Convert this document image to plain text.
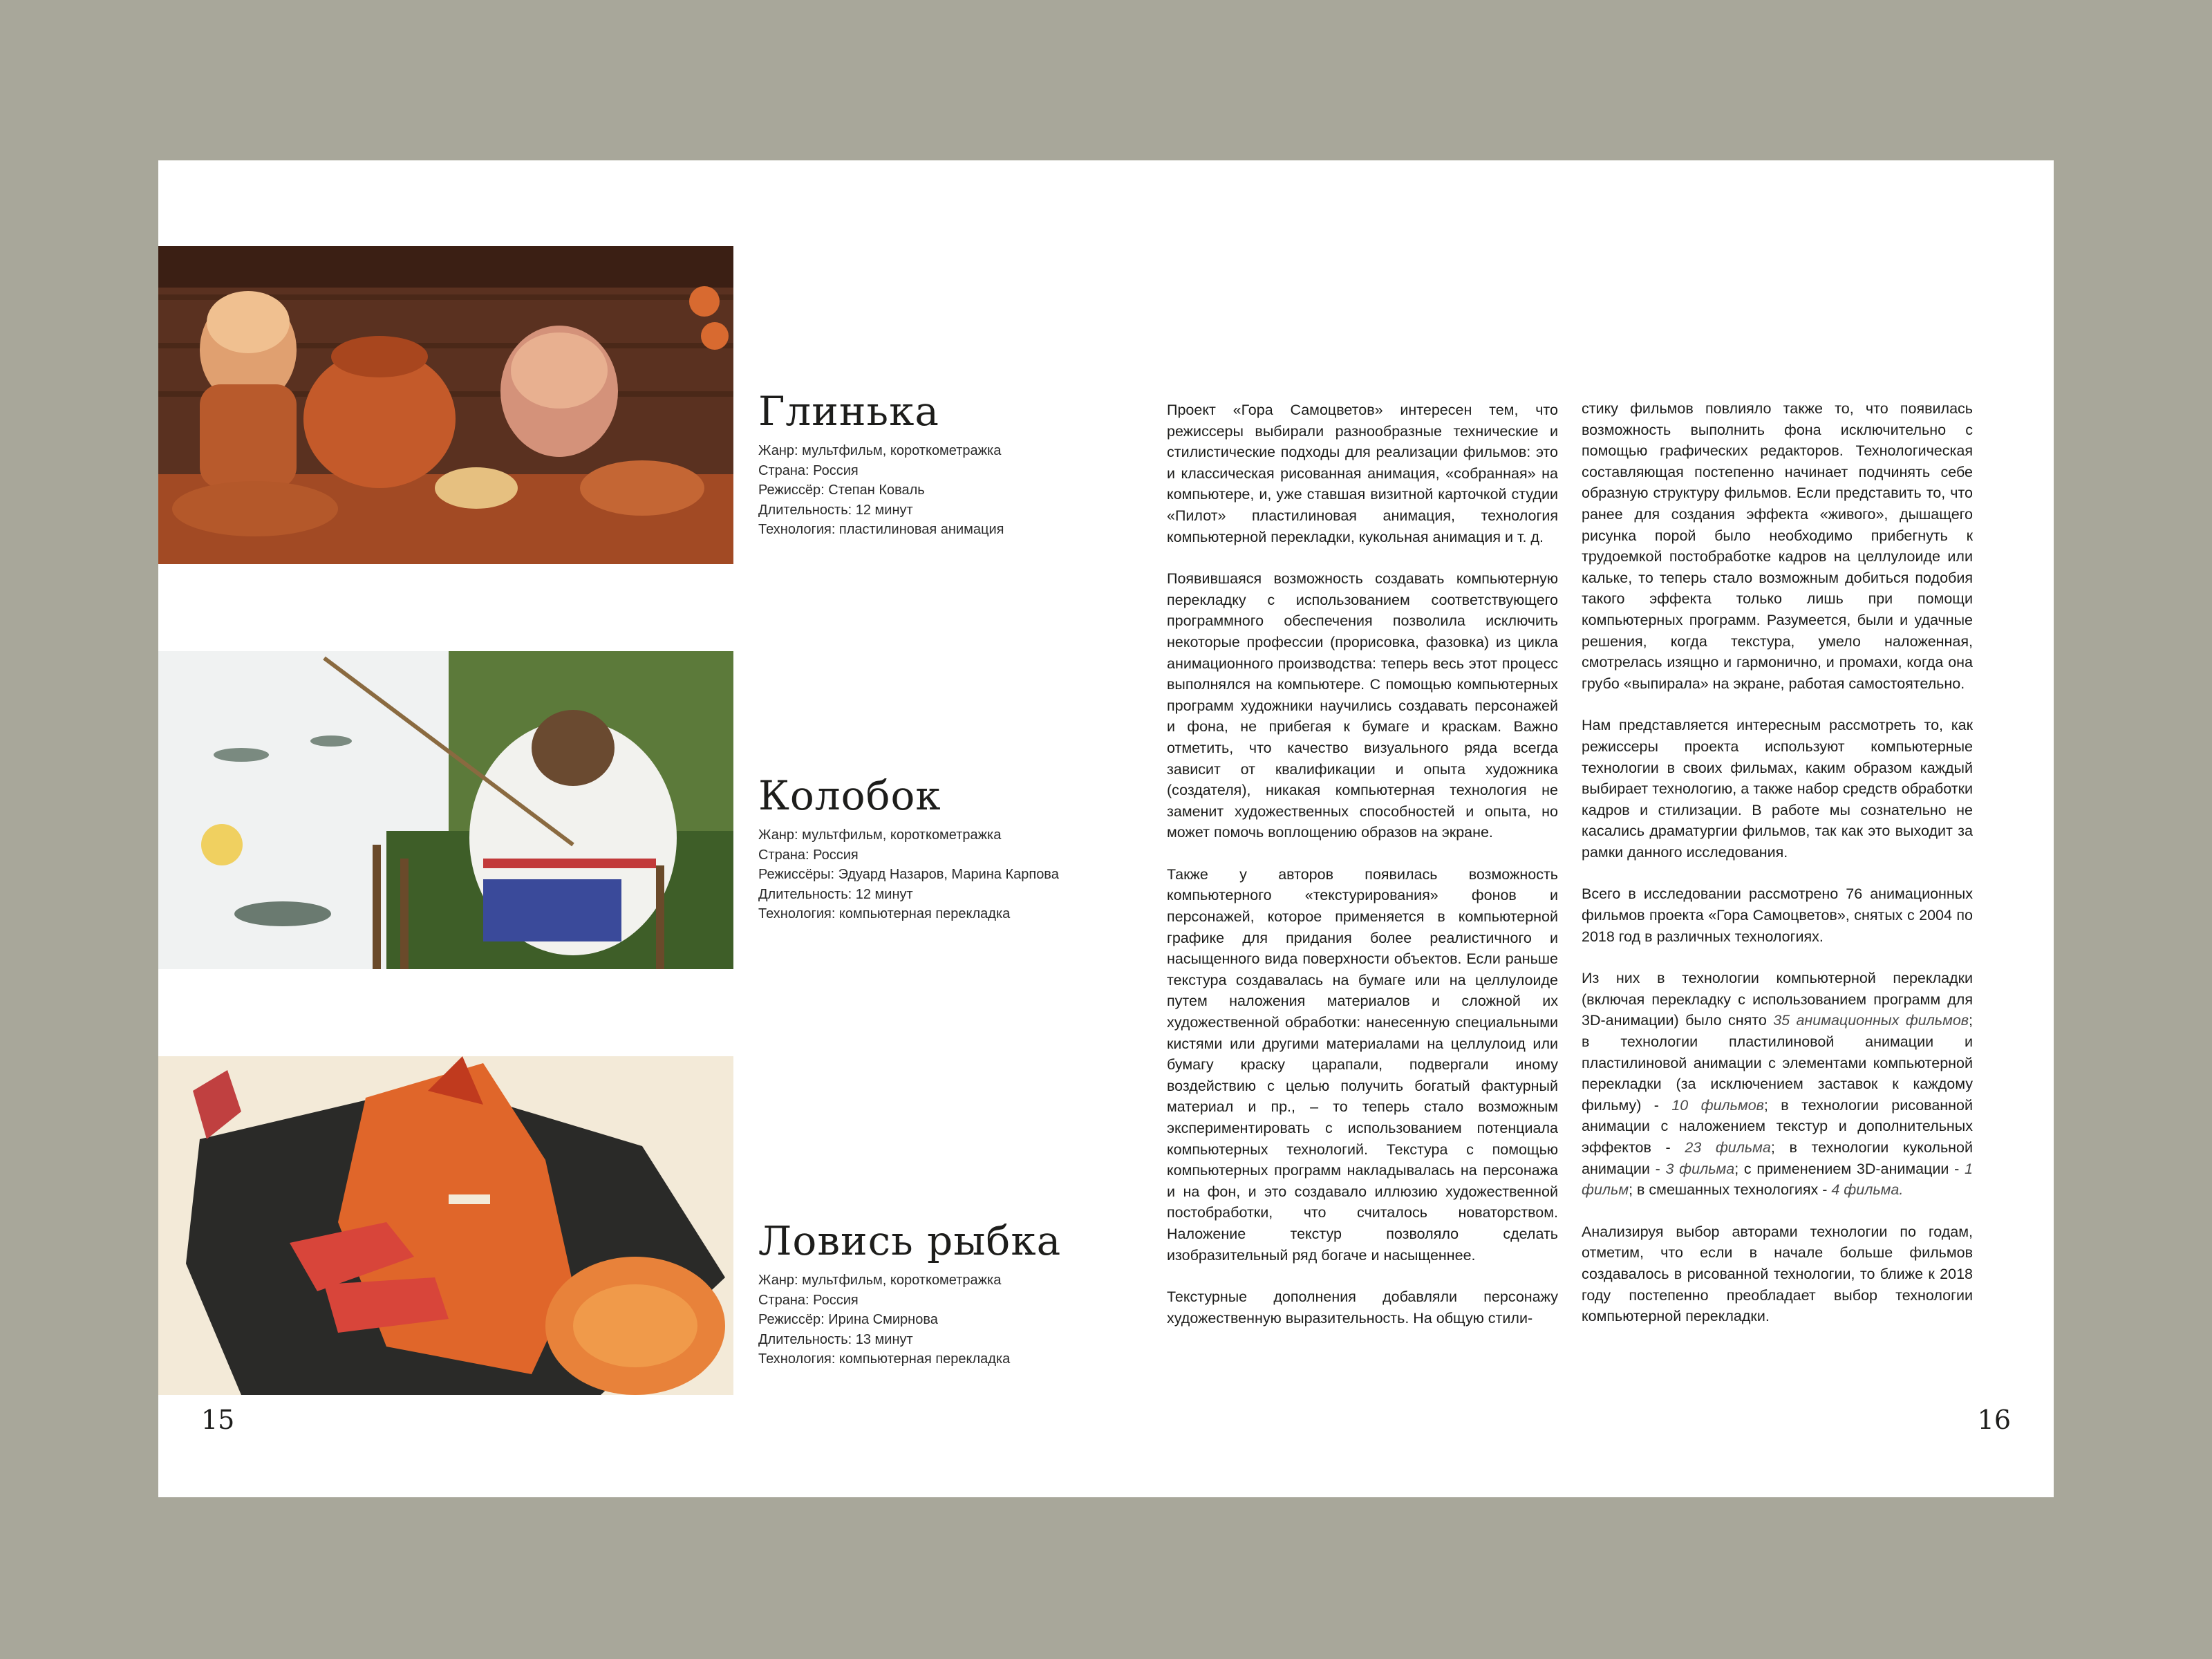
Глинька
Жанр: мультфильм, короткометражка
Страна: Россия
Режиссёр: Степан Коваль
Длительность: 12 минут
Технология: пластилиновая анимация
Колобок
Жанр: мультфильм, короткометражка
Страна: Россия
Режиссёры: Эдуард Назаров, Марина Карпова
Длительность: 12 минут
Технология: компьютерная перекладка
Ловись рыбка
Жанр: мультфильм, короткометражка
Страна: Россия
Режиссёр: Ирина Смирнова
Длительность: 13 минут
Технология: компьютерная перекладка
15	16

Проект «Гора Самоцветов» интересен тем, что режиссеры выбирали разнообразные технические и стилистические подходы для реализации фильмов: это и классическая рисованная анимация, «собранная» на компьютере, и, уже ставшая визитной карточкой студии «Пилот» пластилиновая анимация, технология компьютерной перекладки, кукольная анимация и т. д.

Появившаяся возможность создавать компьютерную перекладку с использованием соответствующего программного обеспечения позволила исключить некоторые профессии (прорисовка, фазовка) из цикла анимационного производства: теперь весь этот процесс выполнялся на компьютере. С помощью компьютерных программ художники научились создавать персонажей и фона, не прибегая к бумаге и краскам. Важно отметить, что качество визуального ряда всегда зависит от квалификации и опыта художника (создателя), никакая компьютерная технология не заменит художественных способностей и опыта, но может помочь воплощению образов на экране.

Также у авторов появилась возможность компьютерного «текстурирования» фонов и персонажей, которое применяется в компьютерной графике для придания более реалистичного и насыщенного вида поверхности объектов. Если раньше текстура создавалась на бумаге или на целлулоиде путем наложения материалов и сложной их художественной обработки: нанесенную специальными кистями или другими материалами на целлулоид или бумагу краску царапали, подвергали иному воздействию с целью получить богатый фактурный материал и пр., – то теперь стало возможным экспериментировать с использованием потенциала компьютерных технологий. Текстура с помощью компьютерных программ накладывалась на персонажа и на фон, и это создавало иллюзию художественной постобработки, что считалось новаторством. Наложение текстур позволяло сделать изобразительный ряд богаче и насыщеннее.

Текстурные дополнения добавляли персонажу художественную выразительность. На общую стили-

стику фильмов повлияло также то, что появилась возможность выполнить фона исключительно с помощью графических редакторов. Технологическая составляющая постепенно начинает подчинять себе образную структуру фильмов. Если представить то, что ранее для создания эффекта «живого», дышащего рисунка порой было необходимо прибегнуть к трудоемкой постобработке кадров на целлулоиде или кальке, то теперь стало возможным добиться подобия такого эффекта только лишь при помощи компьютерных программ. Разумеется, были и удачные решения, когда текстура, умело наложенная, смотрелась изящно и гармонично, и промахи, когда она грубо «выпирала» на экране, работая самостоятельно.

Нам представляется интересным рассмотреть то, как режиссеры проекта используют компьютерные технологии в своих фильмах, каким образом каждый выбирает технологию, а также набор средств обработки кадров и стилизации. В работе мы сознательно не касались драматургии фильмов, так как это выходит за рамки данного исследования.

Всего в исследовании рассмотрено 76 анимационных фильмов проекта «Гора Самоцветов», снятых с 2004 по 2018 год в различных технологиях.

Из них в технологии компьютерной перекладки (включая перекладку с использованием программ для 3D-анимации) было снято 35 анимационных фильмов; в технологии пластилиновой анимации и пластилиновой анимации с элементами компьютерной перекладки (за исключением заставок к каждому фильму) - 10 фильмов; в технологии рисованной анимации с наложением текстур и дополнительных эффектов - 23 фильма; в технологии кукольной анимации - 3 фильма; с применением 3D-анимации - 1 фильм; в смешанных технологиях - 4 фильма.

Анализируя выбор авторами технологии по годам, отметим, что если в начале больше фильмов создавалось в рисованной технологии, то ближе к 2018 году постепенно преобладает выбор технологии компьютерной перекладки.
